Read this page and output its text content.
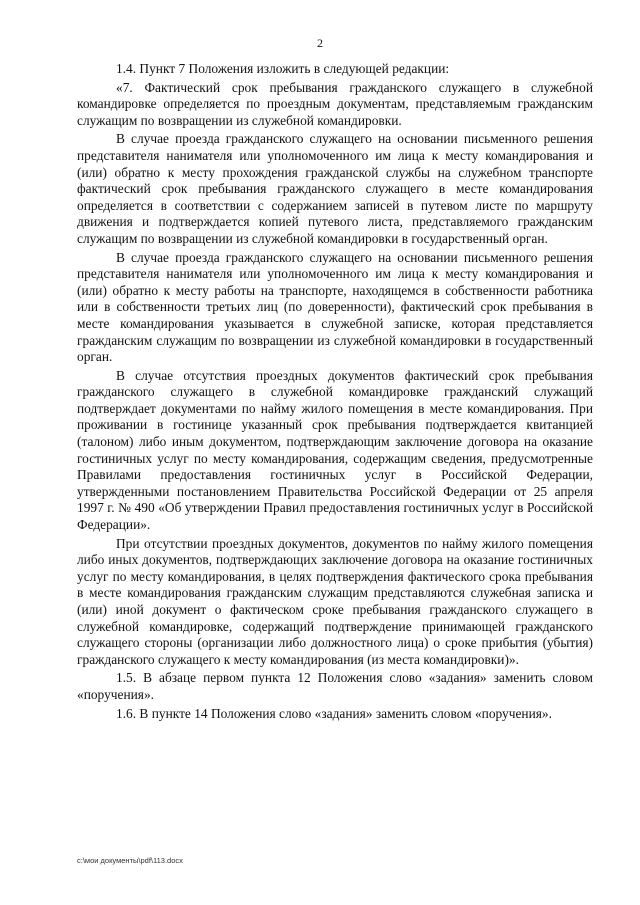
2

1.4. Пункт 7 Положения изложить в следующей редакции:

«7. Фактический срок пребывания гражданского служащего в служебной командировке определяется по проездным документам, представляемым гражданским служащим по возвращении из служебной командировки.

В случае проезда гражданского служащего на основании письменного решения представителя нанимателя или уполномоченного им лица к месту командирования и (или) обратно к месту прохождения гражданской службы на служебном транспорте фактический срок пребывания гражданского служащего в месте командирования определяется в соответствии с содержанием записей в путевом листе по маршруту движения и подтверждается копией путевого листа, представляемого гражданским служащим по возвращении из служебной командировки в государственный орган.

В случае проезда гражданского служащего на основании письменного решения представителя нанимателя или уполномоченного им лица к месту командирования и (или) обратно к месту работы на транспорте, находящемся в собственности работника или в собственности третьих лиц (по доверенности), фактический срок пребывания в месте командирования указывается в служебной записке, которая представляется гражданским служащим по возвращении из служебной командировки в государственный орган.

В случае отсутствия проездных документов фактический срок пребывания гражданского служащего в служебной командировке гражданский служащий подтверждает документами по найму жилого помещения в месте командирования. При проживании в гостинице указанный срок пребывания подтверждается квитанцией (талоном) либо иным документом, подтверждающим заключение договора на оказание гостиничных услуг по месту командирования, содержащим сведения, предусмотренные Правилами предоставления гостиничных услуг в Российской Федерации, утвержденными постановлением Правительства Российской Федерации от 25 апреля 1997 г. № 490 «Об утверждении Правил предоставления гостиничных услуг в Российской Федерации».

При отсутствии проездных документов, документов по найму жилого помещения либо иных документов, подтверждающих заключение договора на оказание гостиничных услуг по месту командирования, в целях подтверждения фактического срока пребывания в месте командирования гражданским служащим представляются служебная записка и (или) иной документ о фактическом сроке пребывания гражданского служащего в служебной командировке, содержащий подтверждение принимающей гражданского служащего стороны (организации либо должностного лица) о сроке прибытия (убытия) гражданского служащего к месту командирования (из места командировки)».

1.5. В абзаце первом пункта 12 Положения слово «задания» заменить словом «поручения».

1.6. В пункте 14 Положения слово «задания» заменить словом «поручения».

c:\мои документы\pdf\113.docx
